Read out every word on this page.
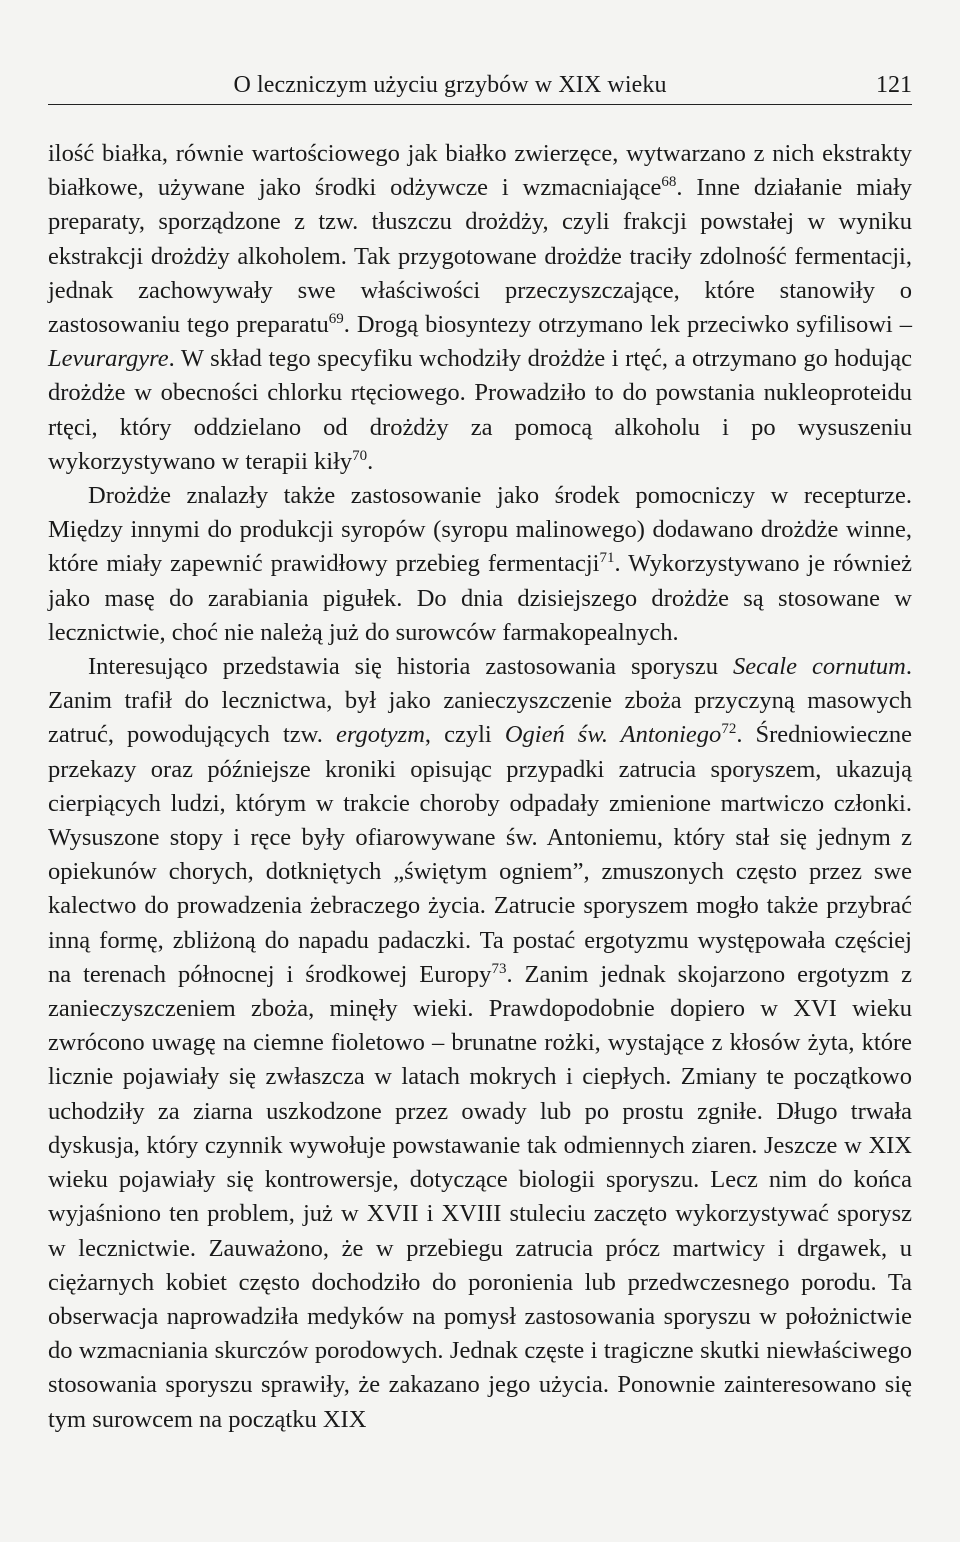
O leczniczym użyciu grzybów w XIX wieku	121

ilość białka, równie wartościowego jak białko zwierzęce, wytwarzano z nich ekstrakty białkowe, używane jako środki odżywcze i wzmacniające$^{68}$. Inne działanie miały preparaty, sporządzone z tzw. tłuszczu drożdży, czyli frakcji powstałej w wyniku ekstrakcji drożdży alkoholem. Tak przygotowane drożdże traciły zdolność fermentacji, jednak zachowywały swe właściwości przeczyszczające, które stanowiły o zastosowaniu tego preparatu$^{69}$. Drogą biosyntezy otrzymano lek przeciwko syfilisowi – Levurargyre. W skład tego specyfiku wchodziły drożdże i rtęć, a otrzymano go hodując drożdże w obecności chlorku rtęciowego. Prowadziło to do powstania nukleoproteidu rtęci, który oddzielano od drożdży za pomocą alkoholu i po wysuszeniu wykorzystywano w terapii kiły$^{70}$.

Drożdże znalazły także zastosowanie jako środek pomocniczy w recepturze. Między innymi do produkcji syropów (syropu malinowego) dodawano drożdże winne, które miały zapewnić prawidłowy przebieg fermentacji$^{71}$. Wykorzystywano je również jako masę do zarabiania pigułek. Do dnia dzisiejszego drożdże są stosowane w lecznictwie, choć nie należą już do surowców farmakopealnych.

Interesująco przedstawia się historia zastosowania sporyszu Secale cornutum. Zanim trafił do lecznictwa, był jako zanieczyszczenie zboża przyczyną masowych zatruć, powodujących tzw. ergotyzm, czyli Ogień św. Antoniego$^{72}$. Średniowieczne przekazy oraz późniejsze kroniki opisując przypadki zatrucia sporyszem, ukazują cierpiących ludzi, którym w trakcie choroby odpadały zmienione martwiczo członki. Wysuszone stopy i ręce były ofiarowywane św. Antoniemu, który stał się jednym z opiekunów chorych, dotkniętych „świętym ogniem”, zmuszonych często przez swe kalectwo do prowadzenia żebraczego życia. Zatrucie sporyszem mogło także przybrać inną formę, zbliżoną do napadu padaczki. Ta postać ergotyzmu występowała częściej na terenach północnej i środkowej Europy$^{73}$. Zanim jednak skojarzono ergotyzm z zanieczyszczeniem zboża, minęły wieki. Prawdopodobnie dopiero w XVI wieku zwrócono uwagę na ciemne fioletowo – brunatne rożki, wystające z kłosów żyta, które licznie pojawiały się zwłaszcza w latach mokrych i ciepłych. Zmiany te początkowo uchodziły za ziarna uszkodzone przez owady lub po prostu zgniłe. Długo trwała dyskusja, który czynnik wywołuje powstawanie tak odmiennych ziaren. Jeszcze w XIX wieku pojawiały się kontrowersje, dotyczące biologii sporyszu. Lecz nim do końca wyjaśniono ten problem, już w XVII i XVIII stuleciu zaczęto wykorzystywać sporysz w lecznictwie. Zauważono, że w przebiegu zatrucia prócz martwicy i drgawek, u ciężarnych kobiet często dochodziło do poronienia lub przedwczesnego porodu. Ta obserwacja naprowadziła medyków na pomysł zastosowania sporyszu w położnictwie do wzmacniania skurczów porodowych. Jednak częste i tragiczne skutki niewłaściwego stosowania sporyszu sprawiły, że zakazano jego użycia. Ponownie zainteresowano się tym surowcem na początku XIX
